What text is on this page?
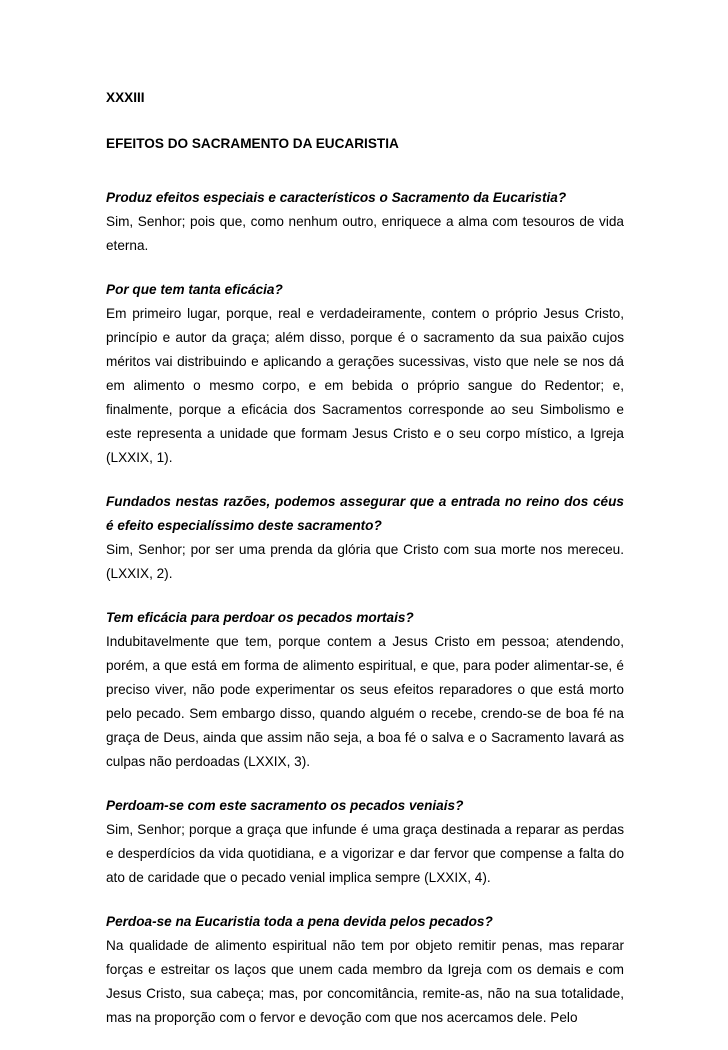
XXXIII
EFEITOS DO SACRAMENTO DA EUCARISTIA
Produz efeitos especiais e característicos o Sacramento da Eucaristia?
Sim, Senhor; pois que, como nenhum outro, enriquece a alma com tesouros de vida eterna.
Por que tem tanta eficácia?
Em primeiro lugar, porque, real e verdadeiramente, contem o próprio Jesus Cristo, princípio e autor da graça; além disso, porque é o sacramento da sua paixão cujos méritos vai distribuindo e aplicando a gerações sucessivas, visto que nele se nos dá em alimento o mesmo corpo, e em bebida o próprio sangue do Redentor; e, finalmente, porque a eficácia dos Sacramentos corresponde ao seu Simbolismo e este representa a unidade que formam Jesus Cristo e o seu corpo místico, a Igreja (LXXIX, 1).
Fundados nestas razões, podemos assegurar que a entrada no reino dos céus é efeito especialíssimo deste sacramento?
Sim, Senhor; por ser uma prenda da glória que Cristo com sua morte nos mereceu. (LXXIX, 2).
Tem eficácia para perdoar os pecados mortais?
Indubitavelmente que tem, porque contem a Jesus Cristo em pessoa; atendendo, porém, a que está em forma de alimento espiritual, e que, para poder alimentar-se, é preciso viver, não pode experimentar os seus efeitos reparadores o que está morto pelo pecado. Sem embargo disso, quando alguém o recebe, crendo-se de boa fé na graça de Deus, ainda que assim não seja, a boa fé o salva e o Sacramento lavará as culpas não perdoadas (LXXIX, 3).
Perdoam-se com este sacramento os pecados veniais?
Sim, Senhor; porque a graça que infunde é uma graça destinada a reparar as perdas e desperdícios da vida quotidiana, e a vigorizar e dar fervor que compense a falta do ato de caridade que o pecado venial implica sempre (LXXIX, 4).
Perdoa-se na Eucaristia toda a pena devida pelos pecados?
Na qualidade de alimento espiritual não tem por objeto remitir penas, mas reparar forças e estreitar os laços que unem cada membro da Igreja com os demais e com Jesus Cristo, sua cabeça; mas, por concomitância, remite-as, não na sua totalidade, mas na proporção com o fervor e devoção com que nos acercamos dele. Pelo
